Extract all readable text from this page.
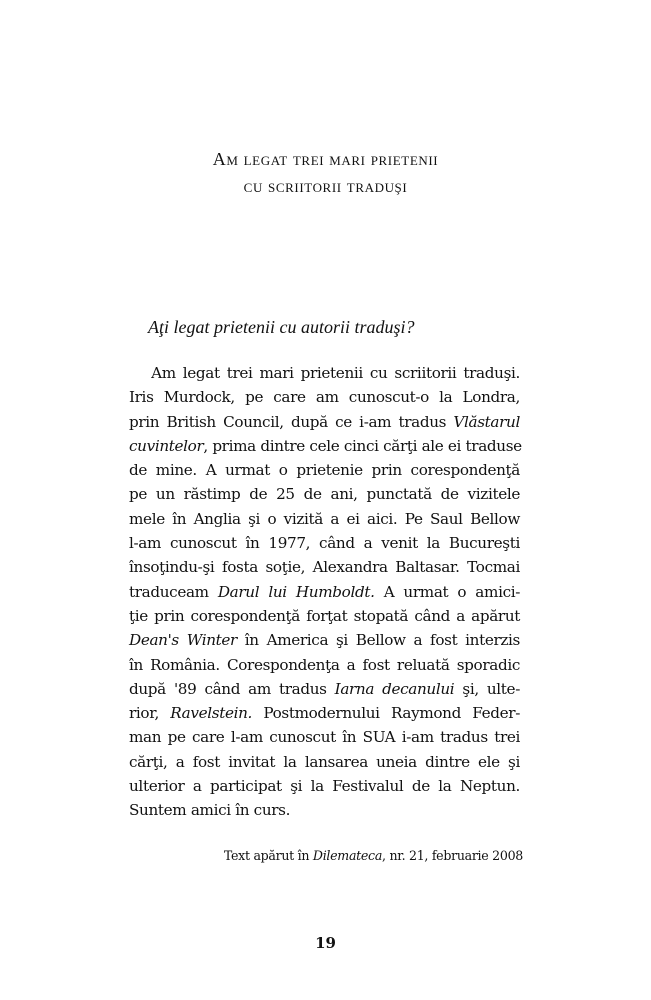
Am legat trei mari prietenii
cu scriitorii traduşi
Aţi legat prietenii cu autorii traduşi?
  Am legat trei mari prietenii cu scriitorii traduşi.
Iris Murdock, pe care am cunoscut-o la Londra,
prin British Council, după ce i-am tradus Vlăstarul
cuvintelor, prima dintre cele cinci cărţi ale ei traduse
de mine. A urmat o prietenie prin corespondenţă
pe un răstimp de 25 de ani, punctată de vizitele
mele în Anglia şi o vizită a ei aici. Pe Saul Bellow
l-am cunoscut în 1977, când a venit la Bucureşti
însoţindu-şi fosta soţie, Alexandra Baltasar. Tocmai
traduceam Darul lui Humboldt. A urmat o amici-
ţie prin corespondenţă forţat stopată când a apărut
Dean's Winter în America şi Bellow a fost interzis
în România. Corespondenţa a fost reluată sporadic
după '89 când am tradus Iarna decanului şi, ulte-
rior, Ravelstein. Postmodernului Raymond Feder-
man pe care l-am cunoscut în SUA i-am tradus trei
cărţi, a fost invitat la lansarea uneia dintre ele şi
ulterior a participat şi la Festivalul de la Neptun.
Suntem amici în curs.
Text apărut în Dilemateca, nr. 21, februarie 2008
19
